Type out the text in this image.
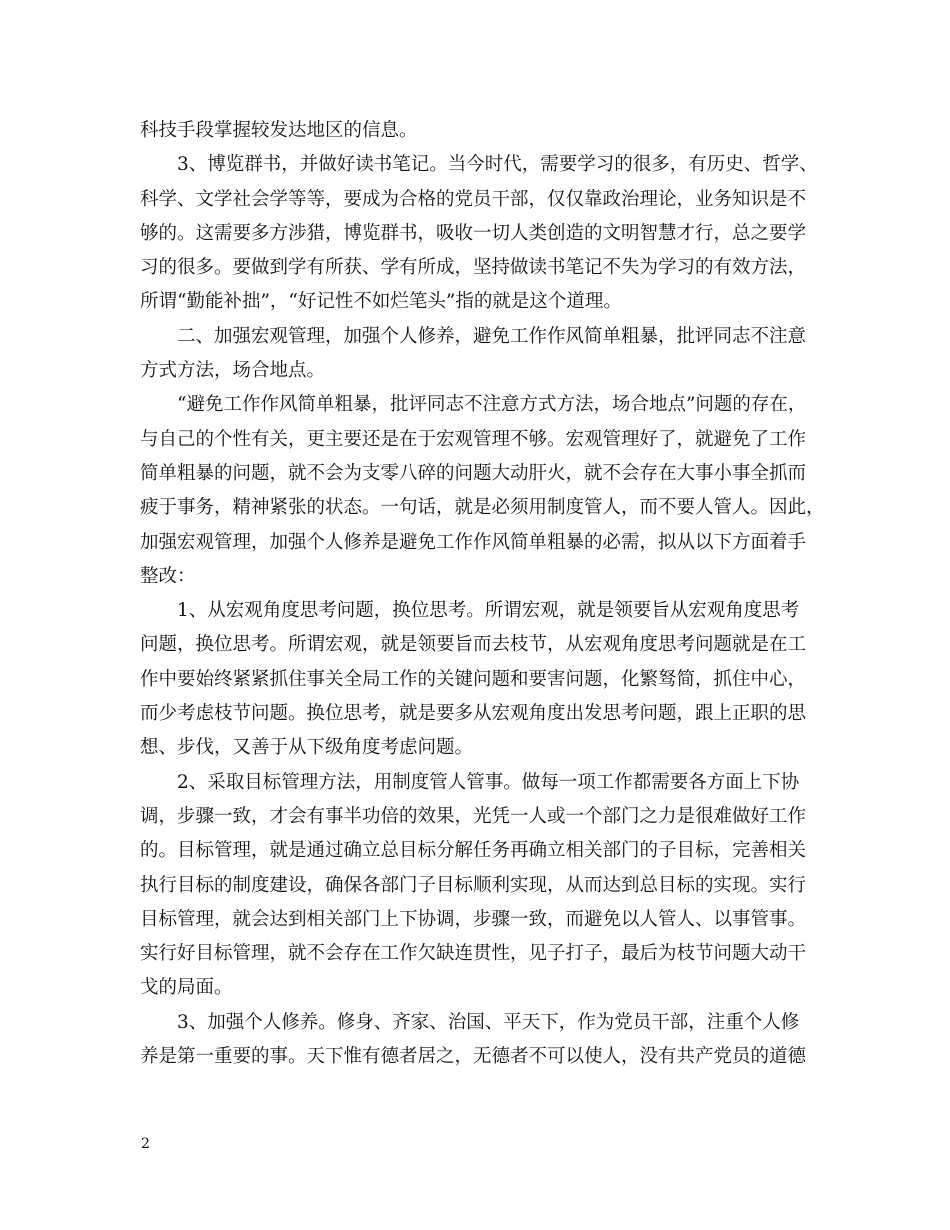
科技手段掌握较发达地区的信息。
3、博览群书，并做好读书笔记。当今时代，需要学习的很多，有历史、哲学、
科学、文学社会学等等，要成为合格的党员干部，仅仅靠政治理论，业务知识是不
够的。这需要多方涉猎，博览群书，吸收一切人类创造的文明智慧才行，总之要学
习的很多。要做到学有所获、学有所成，坚持做读书笔记不失为学习的有效方法，
所谓“勤能补拙”，“好记性不如烂笔头”指的就是这个道理。
二、加强宏观管理，加强个人修养，避免工作作风简单粗暴，批评同志不注意
方式方法，场合地点。
“避免工作作风简单粗暴，批评同志不注意方式方法，场合地点”问题的存在，
与自己的个性有关，更主要还是在于宏观管理不够。宏观管理好了，就避免了工作
简单粗暴的问题，就不会为支零八碎的问题大动肝火，就不会存在大事小事全抓而
疲于事务，精神紧张的状态。一句话，就是必须用制度管人，而不要人管人。因此，
加强宏观管理，加强个人修养是避免工作作风简单粗暴的必需，拟从以下方面着手
整改：
1、从宏观角度思考问题，换位思考。所谓宏观，就是领要旨从宏观角度思考
问题，换位思考。所谓宏观，就是领要旨而去枝节，从宏观角度思考问题就是在工
作中要始终紧紧抓住事关全局工作的关键问题和要害问题，化繁驽简，抓住中心，
而少考虑枝节问题。换位思考，就是要多从宏观角度出发思考问题，跟上正职的思
想、步伐，又善于从下级角度考虑问题。
2、采取目标管理方法，用制度管人管事。做每一项工作都需要各方面上下协
调，步骤一致，才会有事半功倍的效果，光凭一人或一个部门之力是很难做好工作
的。目标管理，就是通过确立总目标分解任务再确立相关部门的子目标，完善相关
执行目标的制度建设，确保各部门子目标顺利实现，从而达到总目标的实现。实行
目标管理，就会达到相关部门上下协调，步骤一致，而避免以人管人、以事管事。
实行好目标管理，就不会存在工作欠缺连贯性，见子打子，最后为枝节问题大动干
戈的局面。
3、加强个人修养。修身、齐家、治国、平天下，作为党员干部，注重个人修
养是第一重要的事。天下惟有德者居之，无德者不可以使人，没有共产党员的道德
2
